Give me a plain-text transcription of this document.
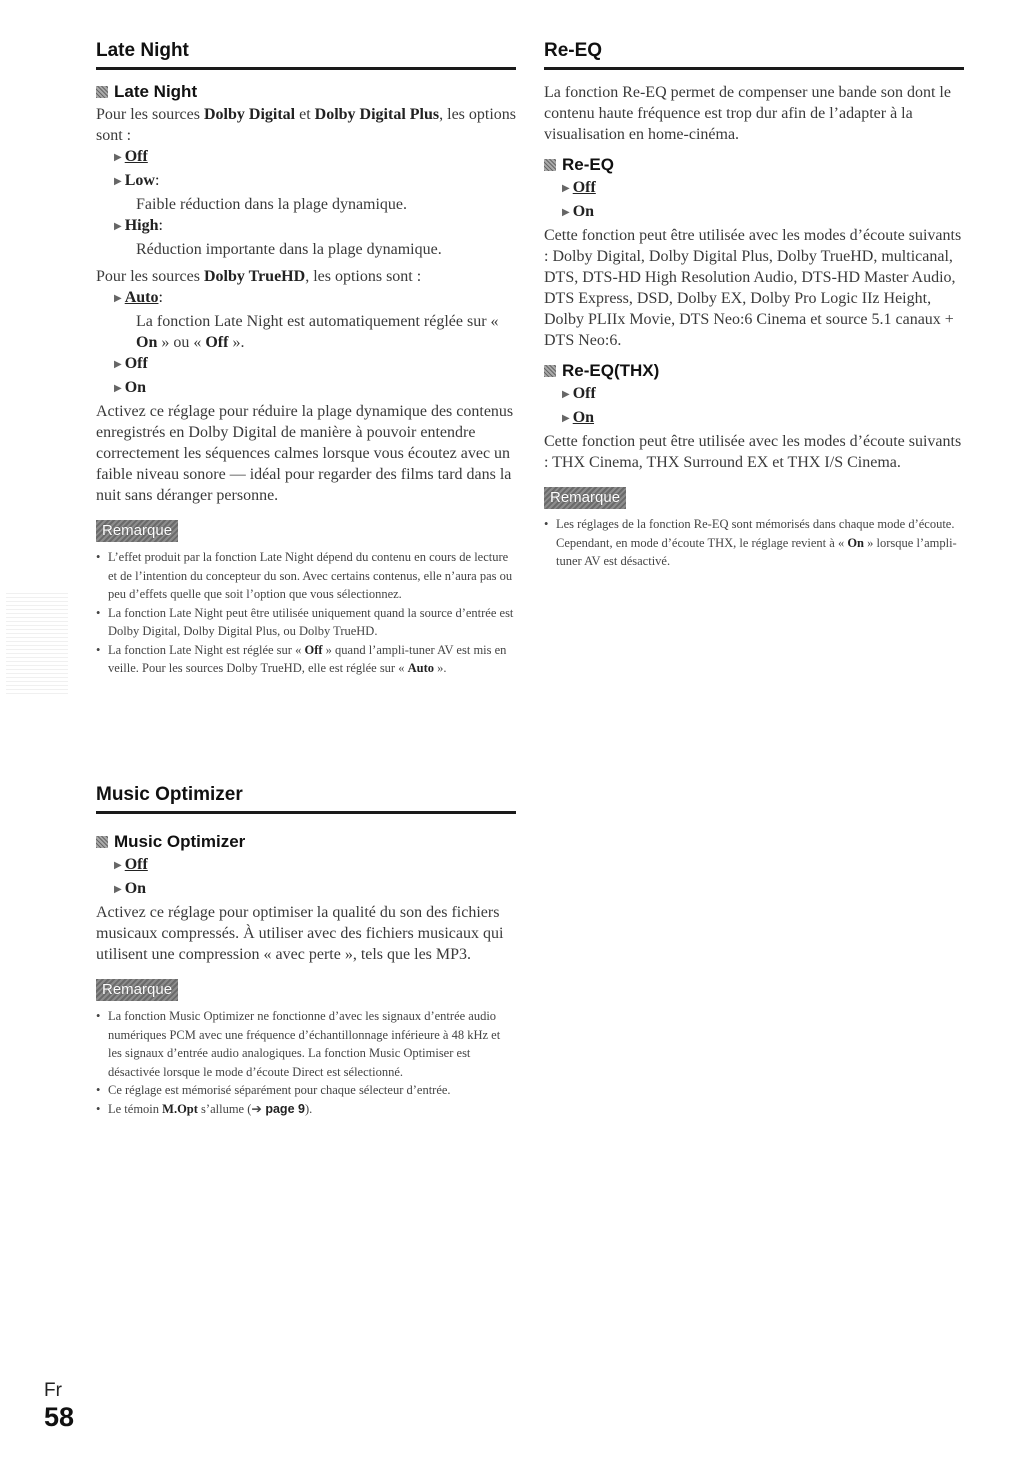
Late Night
Late Night

Pour les sources Dolby Digital et Dolby Digital Plus, les options sont :

▶ Off
▶ Low :
Faible réduction dans la plage dynamique.
▶ High :
Réduction importante dans la plage dynamique.

Pour les sources Dolby TrueHD, les options sont :

▶ Auto :
La fonction Late Night est automatiquement réglée sur « On » ou « Off ».
▶ Off
▶ On

Activez ce réglage pour réduire la plage dynamique des contenus enregistrés en Dolby Digital de manière à pouvoir entendre correctement les séquences calmes lorsque vous écoutez avec un faible niveau sonore — idéal pour regarder des films tard dans la nuit sans déranger personne.

Remarque
• L’effet produit par la fonction Late Night dépend du contenu en cours de lecture et de l’intention du concepteur du son. Avec certains contenus, elle n’aura pas ou peu d’effets quelle que soit l’option que vous sélectionnez.
• La fonction Late Night peut être utilisée uniquement quand la source d’entrée est Dolby Digital, Dolby Digital Plus, ou Dolby TrueHD.
• La fonction Late Night est réglée sur « Off » quand l’ampli-tuner AV est mis en veille. Pour les sources Dolby TrueHD, elle est réglée sur « Auto ».
Music Optimizer
Music Optimizer
▶ Off
▶ On

Activez ce réglage pour optimiser la qualité du son des fichiers musicaux compressés. À utiliser avec des fichiers musicaux qui utilisent une compression « avec perte », tels que les MP3.

Remarque
• La fonction Music Optimizer ne fonctionne d’avec les signaux d’entrée audio numériques PCM avec une fréquence d’échantillonnage inférieure à 48 kHz et les signaux d’entrée audio analogiques. La fonction Music Optimiser est désactivée lorsque le mode d’écoute Direct est sélectionné.
• Ce réglage est mémorisé séparément pour chaque sélecteur d’entrée.
• Le témoin M.Opt s’allume (➔ page 9).
Re-EQ

La fonction Re-EQ permet de compenser une bande son dont le contenu haute fréquence est trop dur afin de l’adapter à la visualisation en home-cinéma.

Re-EQ
▶ Off
▶ On

Cette fonction peut être utilisée avec les modes d’écoute suivants : Dolby Digital, Dolby Digital Plus, Dolby TrueHD, multicanal, DTS, DTS-HD High Resolution Audio, DTS-HD Master Audio, DTS Express, DSD, Dolby EX, Dolby Pro Logic IIz Height, Dolby PLIIx Movie, DTS Neo:6 Cinema et source 5.1 canaux + DTS Neo:6.

Re-EQ(THX)
▶ Off
▶ On

Cette fonction peut être utilisée avec les modes d’écoute suivants : THX Cinema, THX Surround EX et THX I/S Cinema.

Remarque
• Les réglages de la fonction Re-EQ sont mémorisés dans chaque mode d’écoute. Cependant, en mode d’écoute THX, le réglage revient à « On » lorsque l’ampli-tuner AV est désactivé.
Fr
58
